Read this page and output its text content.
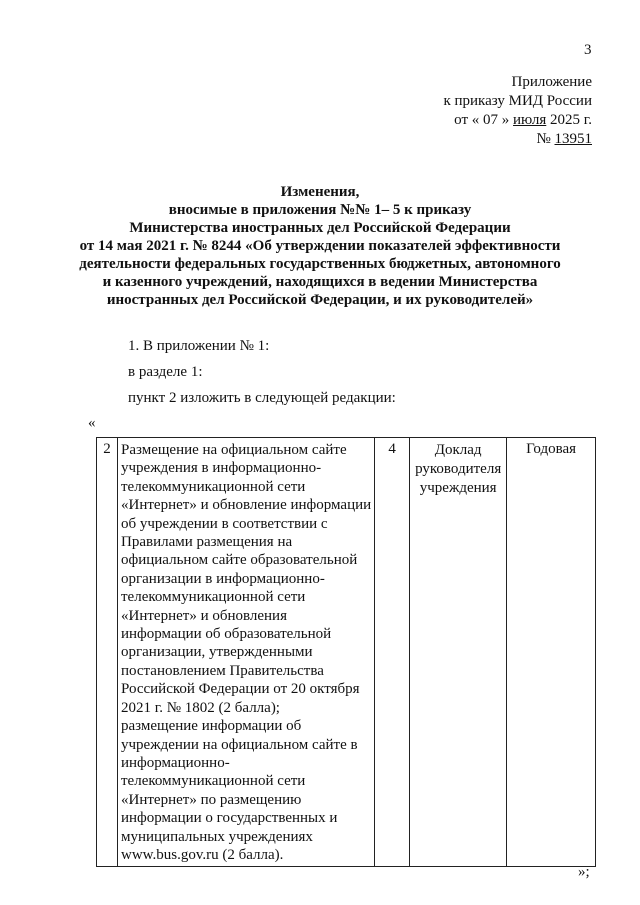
3
Приложение
к приказу МИД России
от « 07 » июля 2025 г.
№ 13951
Изменения,
вносимые в приложения №№ 1– 5 к приказу
Министерства иностранных дел Российской Федерации
от 14 мая 2021 г. № 8244 «Об утверждении показателей эффективности
деятельности федеральных государственных бюджетных, автономного
и казенного учреждений, находящихся в ведении Министерства
иностранных дел Российской Федерации, и их руководителей»
1. В приложении № 1:
в разделе 1:
пункт 2 изложить в следующей редакции:
«
2	Размещение на официальном сайте
учреждения в информационно-
телекоммуникационной сети
«Интернет» и обновление информации
об учреждении в соответствии с
Правилами размещения на
официальном сайте образовательной
организации в информационно-
телекоммуникационной сети
«Интернет» и обновления
информации об образовательной
организации, утвержденными
постановлением Правительства
Российской Федерации от 20 октября
2021 г. № 1802 (2 балла);
размещение информации об
учреждении на официальном сайте в
информационно-
телекоммуникационной сети
«Интернет» по размещению
информации о государственных и
муниципальных учреждениях
www.bus.gov.ru (2 балла).
	4	Доклад
руководителя
учреждения
	Годовая
»;
